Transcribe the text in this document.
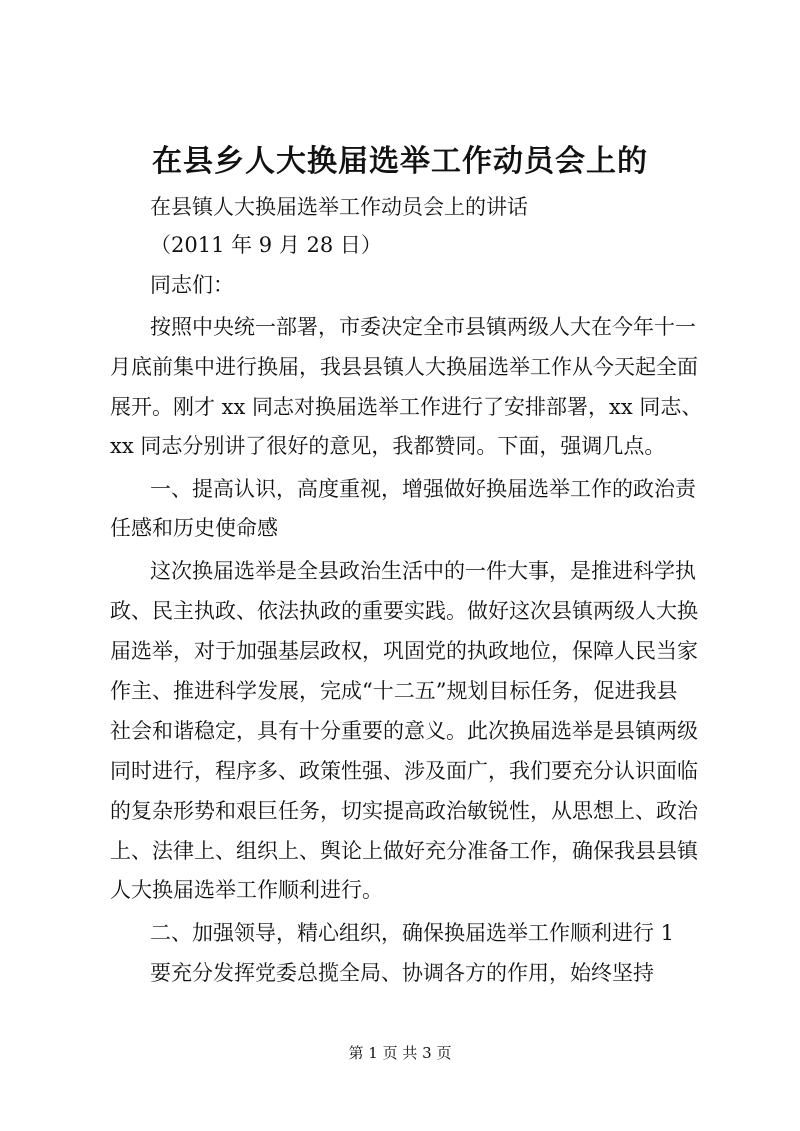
在县乡人大换届选举工作动员会上的

在县镇人大换届选举工作动员会上的讲话

（2011 年 9 月 28 日）

同志们：

按照中央统一部署，市委决定全市县镇两级人大在今年十一

月底前集中进行换届，我县县镇人大换届选举工作从今天起全面

展开。刚才 xx 同志对换届选举工作进行了安排部署，xx 同志、

xx 同志分别讲了很好的意见，我都赞同。下面，强调几点。

一、提高认识，高度重视，增强做好换届选举工作的政治责

任感和历史使命感

这次换届选举是全县政治生活中的一件大事，是推进科学执

政、民主执政、依法执政的重要实践。做好这次县镇两级人大换

届选举，对于加强基层政权，巩固党的执政地位，保障人民当家

作主、推进科学发展，完成“十二五”规划目标任务，促进我县

社会和谐稳定，具有十分重要的意义。此次换届选举是县镇两级

同时进行，程序多、政策性强、涉及面广，我们要充分认识面临

的复杂形势和艰巨任务，切实提高政治敏锐性，从思想上、政治

上、法律上、组织上、舆论上做好充分准备工作，确保我县县镇

人大换届选举工作顺利进行。

二、加强领导，精心组织，确保换届选举工作顺利进行 1

要充分发挥党委总揽全局、协调各方的作用，始终坚持

第 1 页 共 3 页
